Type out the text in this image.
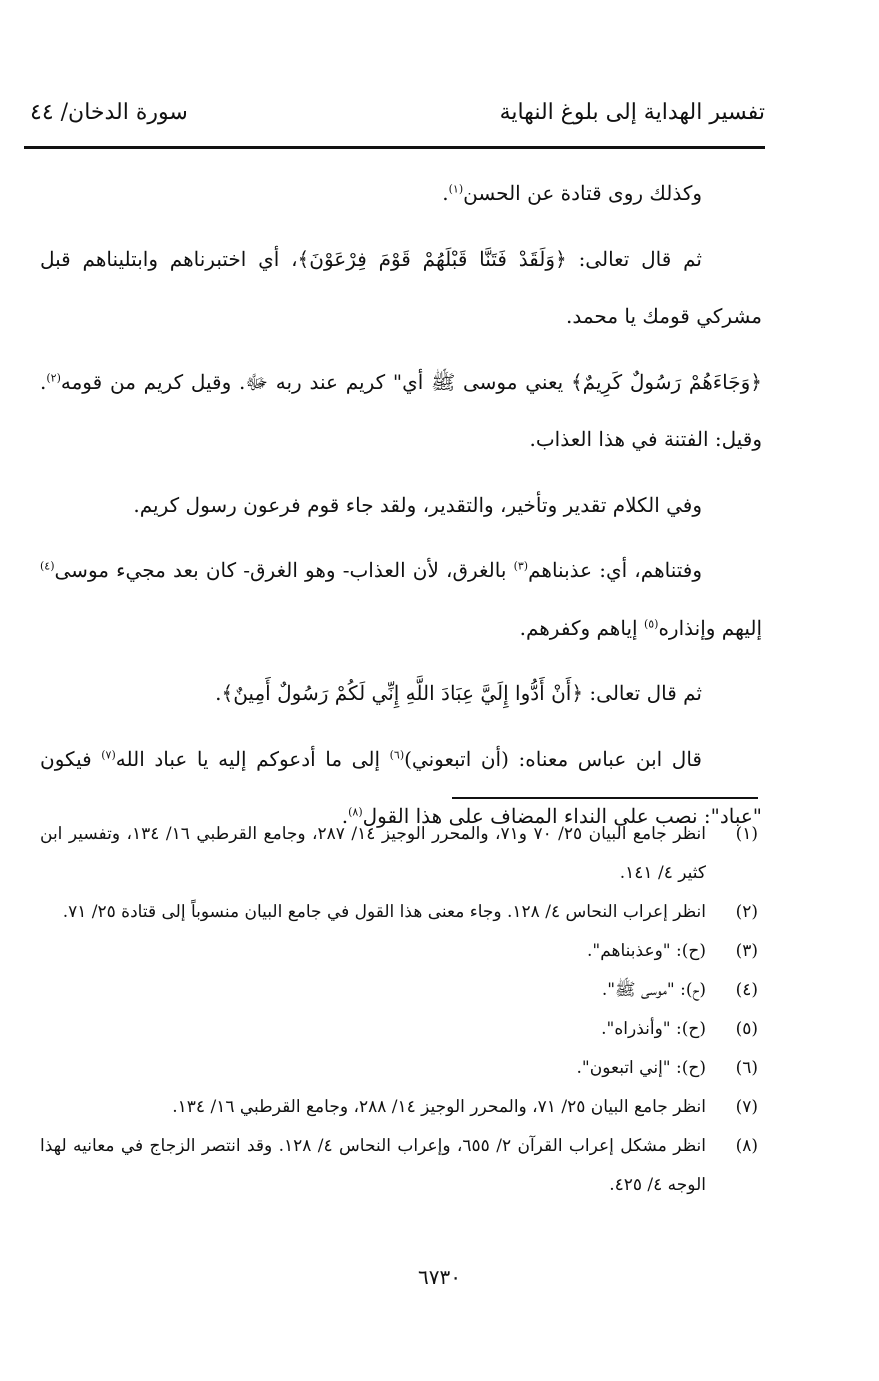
تفسير الهداية إلى بلوغ النهاية
سورة الدخان/ ٤٤

وكذلك روى قتادة عن الحسن$^{(١)}$.

ثم قال تعالى: ﴿وَلَقَدْ فَتَنَّا قَبْلَهُمْ قَوْمَ فِرْعَوْنَ﴾، أي اختبرناهم وابتليناهم قبل مشركي قومك يا محمد.

﴿وَجَاءَهُمْ رَسُولٌ كَرِيمٌ﴾ يعني موسى ﷺ أي" كريم عند ربه ﷻ. وقيل كريم من قومه$^{(٢)}$. وقيل: الفتنة في هذا العذاب.

وفي الكلام تقدير وتأخير، والتقدير، ولقد جاء قوم فرعون رسول كريم.

وفتناهم، أي: عذبناهم$^{(٣)}$ بالغرق، لأن العذاب- وهو الغرق- كان بعد مجيء موسى$^{(٤)}$ إليهم وإنذاره$^{(٥)}$ إياهم وكفرهم.

ثم قال تعالى: ﴿أَنْ أَدُّوا إِلَيَّ عِبَادَ اللَّهِ إِنِّي لَكُمْ رَسُولٌ أَمِينٌ﴾.

قال ابن عباس معناه: (أن اتبعوني)$^{(٦)}$ إلى ما أدعوكم إليه يا عباد الله$^{(٧)}$ فيكون "عباد": نصب على النداء المضاف على هذا القول$^{(٨)}$.

(١)
انظر جامع البيان ٢٥/ ٧٠ و٧١، والمحرر الوجيز ١٤/ ٢٨٧، وجامع القرطبي ١٦/ ١٣٤، وتفسير ابن كثير ٤/ ١٤١.
(٢)
انظر إعراب النحاس ٤/ ١٢٨. وجاء معنى هذا القول في جامع البيان منسوباً إلى قتادة ٢٥/ ٧١.
(٣)
(ح): "وعذبناهم".
(٤)
(ح): "موسى ﷺ".
(٥)
(ح): "وأنذراه".
(٦)
(ح): "إني اتبعون".
(٧)
انظر جامع البيان ٢٥/ ٧١، والمحرر الوجيز ١٤/ ٢٨٨، وجامع القرطبي ١٦/ ١٣٤.
(٨)
انظر مشكل إعراب القرآن ٢/ ٦٥٥، وإعراب النحاس ٤/ ١٢٨. وقد انتصر الزجاج في معانيه لهذا الوجه ٤/ ٤٢٥.
٦٧٣٠
